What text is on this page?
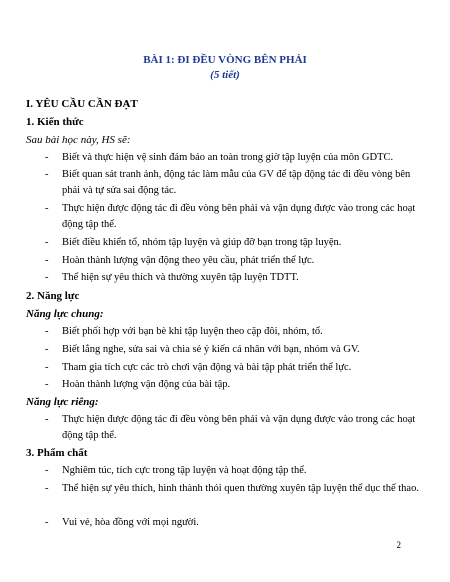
BÀI 1: ĐI ĐỀU VÒNG BÊN PHẢI
(5 tiết)
I. YÊU CẦU CẦN ĐẠT
1. Kiến thức
Sau bài học này, HS sẽ:
- Biết và thực hiện vệ sinh đảm bảo an toàn trong giờ tập luyện của môn GDTC.
- Biết quan sát tranh ảnh, động tác làm mẫu của GV để tập động tác đi đều vòng bên phải và tự sửa sai động tác.
- Thực hiện được động tác đi đều vòng bên phải và vận dụng được vào trong các hoạt động tập thể.
- Biết điều khiển tổ, nhóm tập luyện và giúp đỡ bạn trong tập luyện.
- Hoàn thành lượng vận động theo yêu cầu, phát triển thể lực.
- Thể hiện sự yêu thích và thường xuyên tập luyện TDTT.
2. Năng lực
Năng lực chung:
- Biết phối hợp với bạn bè khi tập luyện theo cặp đôi, nhóm, tổ.
- Biết lắng nghe, sửa sai và chia sẻ ý kiến cá nhân với bạn, nhóm và GV.
- Tham gia tích cực các trò chơi vận động và bài tập phát triển thể lực.
- Hoàn thành lượng vận động của bài tập.
Năng lực riêng:
- Thực hiện được động tác đi đều vòng bên phải và vận dụng được vào trong các hoạt động tập thể.
3. Phẩm chất
- Nghiêm túc, tích cực trong tập luyện và hoạt động tập thể.
- Thể hiện sự yêu thích, hình thành thói quen thường xuyên tập luyện thể dục thể thao.
- Vui vẻ, hòa đồng với mọi người.
2
